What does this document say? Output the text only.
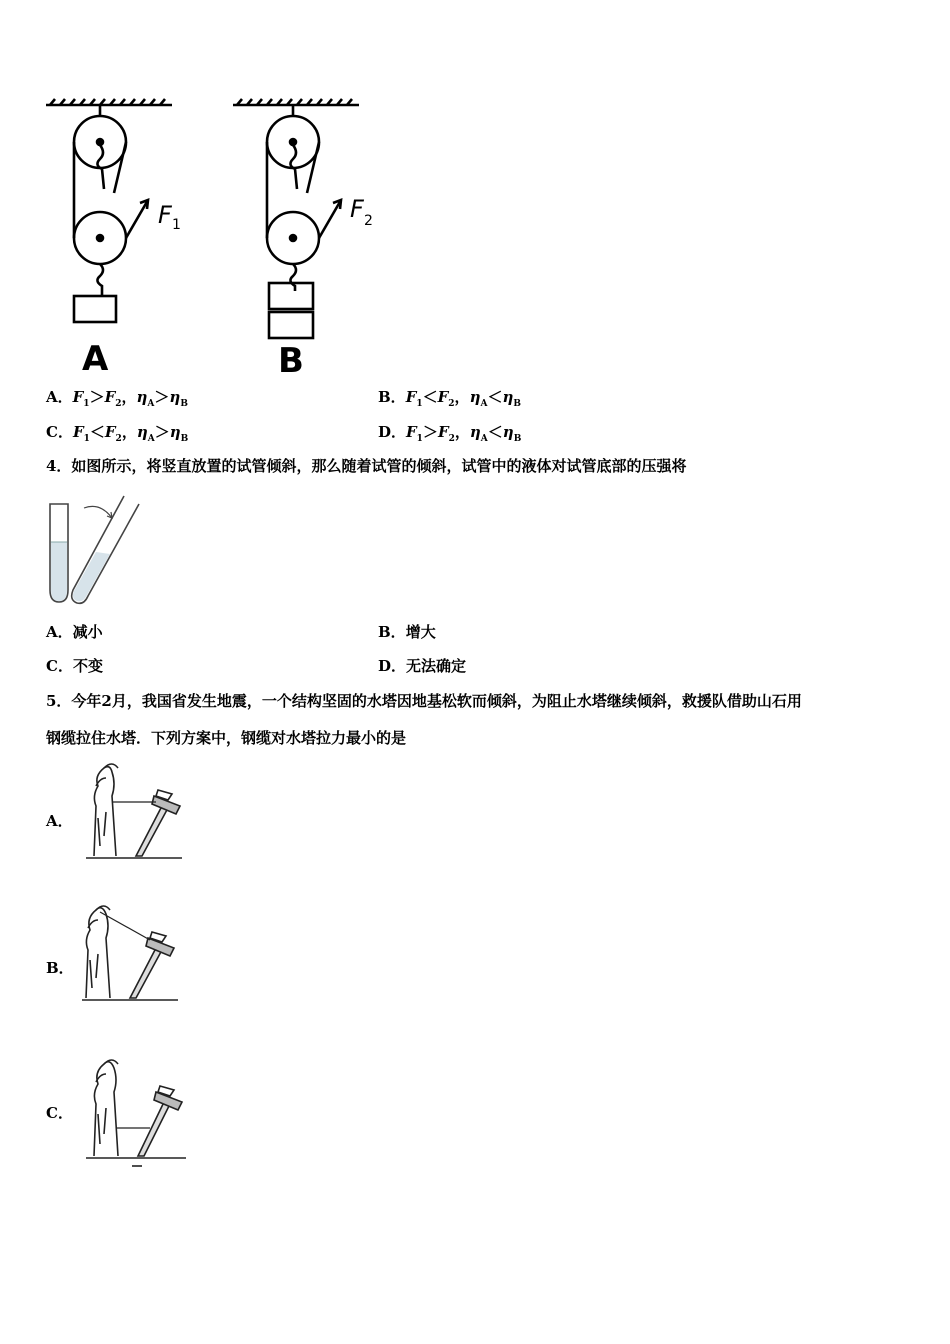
A
F 1
B
F 2
A．$F_1>F_2$，$\eta_A>\eta_B$	B．$F_1<F_2$，$\eta_A<\eta_B$
C．$F_1<F_2$，$\eta_A>\eta_B$	D．$F_1>F_2$，$\eta_A<\eta_B$
4．如图所示，将竖直放置的试管倾斜，那么随着试管的倾斜，试管中的液体对试管底部的压强将
A．减小	B．增大
C．不变	D．无法确定
5．今年2月，我国省发生地震，一个结构坚固的水塔因地基松软而倾斜，为阻止水塔继续倾斜，救援队借助山石用
钢缆拉住水塔．下列方案中，钢缆对水塔拉力最小的是
A．
B．
C．
